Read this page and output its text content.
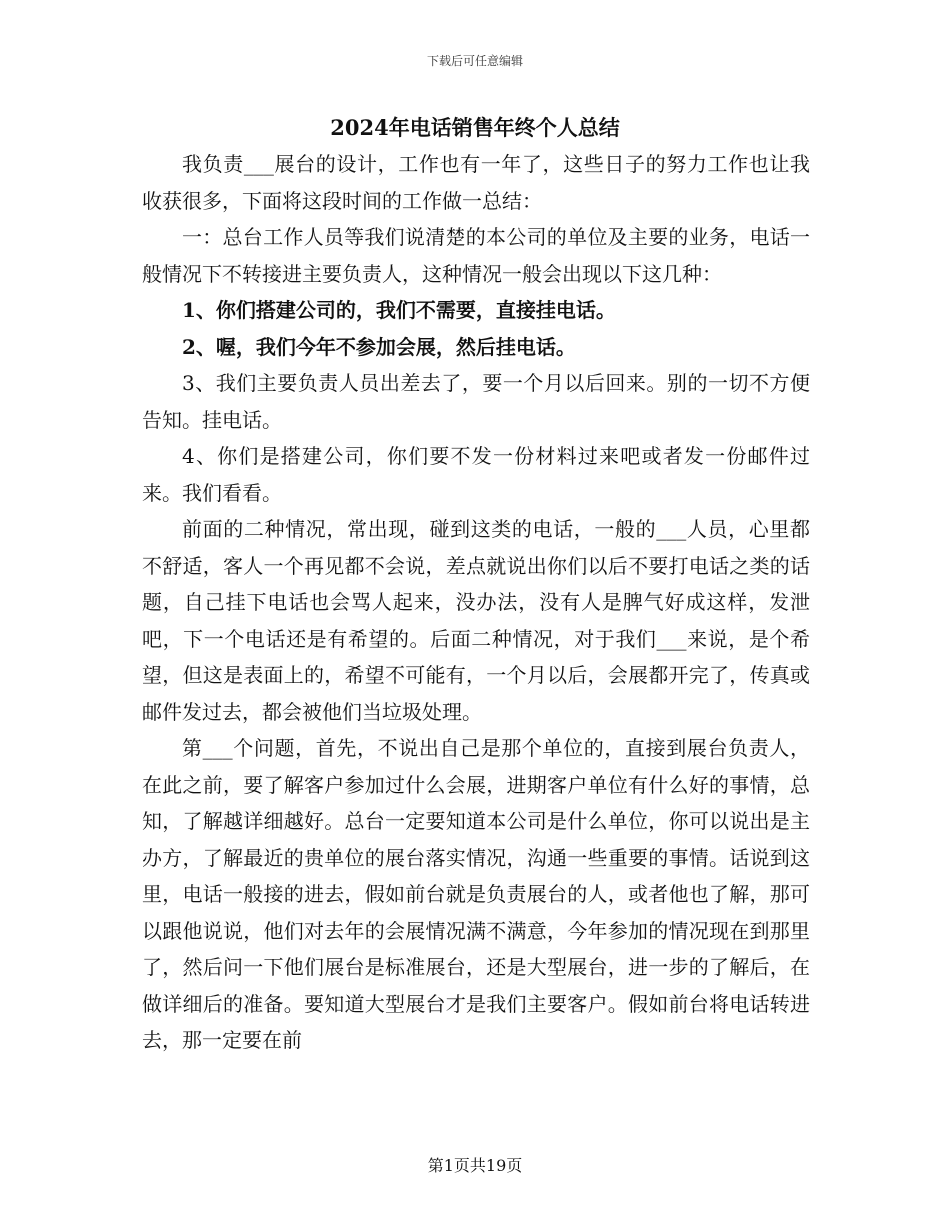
下载后可任意编辑
2024年电话销售年终个人总结

我负责___展台的设计，工作也有一年了，这些日子的努力工作也让我收获很多，下面将这段时间的工作做一总结：

一：总台工作人员等我们说清楚的本公司的单位及主要的业务，电话一般情况下不转接进主要负责人，这种情况一般会出现以下这几种：

1、你们搭建公司的，我们不需要，直接挂电话。

2、喔，我们今年不参加会展，然后挂电话。

3、我们主要负责人员出差去了，要一个月以后回来。别的一切不方便告知。挂电话。

4、你们是搭建公司，你们要不发一份材料过来吧或者发一份邮件过来。我们看看。

前面的二种情况，常出现，碰到这类的电话，一般的___人员，心里都不舒适，客人一个再见都不会说，差点就说出你们以后不要打电话之类的话题，自己挂下电话也会骂人起来，没办法，没有人是脾气好成这样，发泄吧，下一个电话还是有希望的。后面二种情况，对于我们___来说，是个希望，但这是表面上的，希望不可能有，一个月以后，会展都开完了，传真或邮件发过去，都会被他们当垃圾处理。

第___个问题，首先，不说出自己是那个单位的，直接到展台负责人，在此之前，要了解客户参加过什么会展，进期客户单位有什么好的事情，总知，了解越详细越好。总台一定要知道本公司是什么单位，你可以说出是主办方，了解最近的贵单位的展台落实情况，沟通一些重要的事情。话说到这里，电话一般接的进去，假如前台就是负责展台的人，或者他也了解，那可以跟他说说，他们对去年的会展情况满不满意，今年参加的情况现在到那里了，然后问一下他们展台是标准展台，还是大型展台，进一步的了解后，在做详细后的准备。要知道大型展台才是我们主要客户。假如前台将电话转进去，那一定要在前

第1页共19页
